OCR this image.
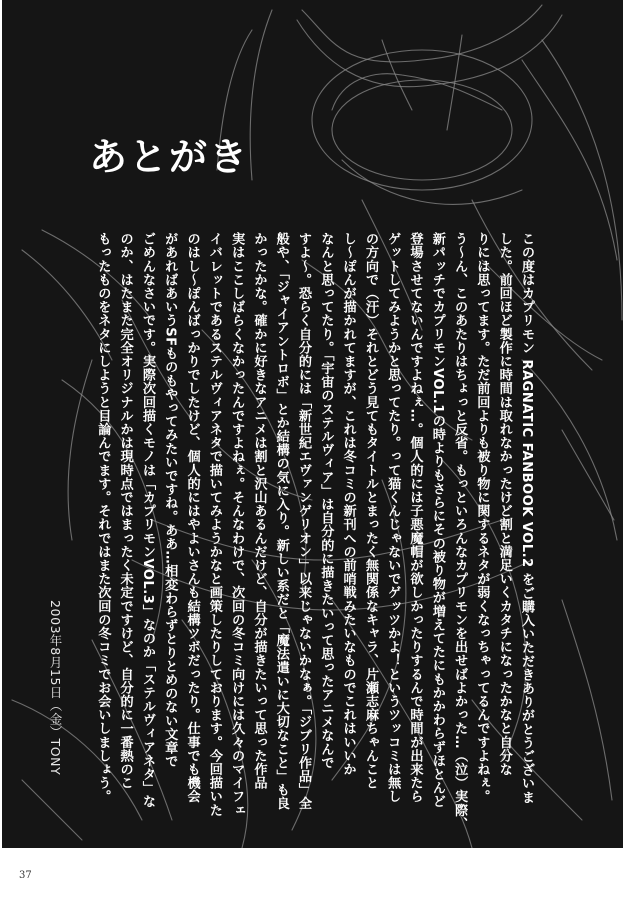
あとがき
この度はカプリモン RAGNATIC FANBOOK VOL.2 をご購入いただきありがとうございま
した。前回ほど製作に時間は取れなかったけど割と満足いくカタチになったかなと自分な
りには思ってます。ただ前回よりも被り物に関するネタが弱くなっちゃってるんですよねぇ。
う～ん、このあたりはちょっと反省。もっといろんなカプリモンを出せばよかった…（泣）実際、
新パッチでカプリモンVOL.1の時よりもさらにその被り物が増えてたにもかかわらずほとんど
登場させてないんですよねぇ…。個人的には子悪魔帽が欲しかったりするんで時間が出来たら
ゲットしてみようかと思ってたり。って猫くんじゃないでゲッツかよ！というツッコミは無し
の方向で（汗）それとどう見てもタイトルとまったく無関係なキャラ、片瀬志麻ちゃんこと
し～ぽんが描かれてますが、これは冬コミの新刊への前哨戦みたいなものでこれはいいか
なんと思ってたり。「宇宙のステルヴィア」は自分的に描きたいって思ったアニメなんで
すよ～。恐らく自分的には「新世紀エヴァンゲリオン」以来じゃないかなぁ。「ジブリ作品」全
般や、「ジャイアントロボ」とか結構の気に入り。新しい系だと「魔法遣いに大切なこと」も良
かったかな。確かに好きなアニメは割と沢山あるんだけど、自分が描きたいって思った作品
実はここしばらくなかったんですよねぇ。そんなわけで、次回の冬コミ向けには久々のマイフェ
イバレットであるステルヴィアネタで描いてみようかなと画策したりしております。今回描いた
のはし～ぽんばっかりでしたけど、個人的にはやよいさんも結構ツボだったり。仕事でも機会
があればあいうSFものもやってみたいですね。ああ…相変わらずとりとめのない文章で
ごめんなさいです。実際次回描くモノは「カプリモンVOL.3」なのか「ステルヴィアネタ」な
のか、はたまた完全オリジナルかは現時点ではまったく未定ですけど、自分的に一番熱のこ
もったものをネタにしようと目論んでます。それではまた次回の冬コミでお会いしましょう。
2003年8月15日（金）TONY
37
